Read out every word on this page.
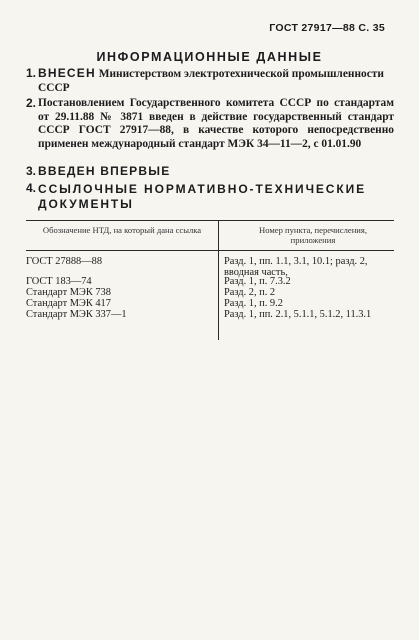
ГОСТ 27917—88 С. 35
ИНФОРМАЦИОННЫЕ ДАННЫЕ
1. ВНЕСЕН Министерством электротехнической промышленности СССР
2. Постановлением Государственного комитета СССР по стандартам от 29.11.88 № 3871 введен в действие государственный стандарт СССР ГОСТ 27917—88, в качестве которого непосредственно применен международный стандарт МЭК 34—11—2, с 01.01.90
3. ВВЕДЕН ВПЕРВЫЕ
4. ССЫЛОЧНЫЕ НОРМАТИВНО-ТЕХНИЧЕСКИЕ ДОКУМЕНТЫ
Обозначение НТД, на который дана ссылка	Номер пункта, перечисления, приложения
ГОСТ 27888—88	Разд. 1, пп. 1.1, 3.1, 10.1; разд. 2, вводная часть,
ГОСТ 183—74	Разд. 1, п. 7.3.2
Стандарт МЭК 738	Разд. 2, п. 2
Стандарт МЭК 417	Разд. 1, п. 9.2
Стандарт МЭК 337—1	Разд. 1, пп. 2.1, 5.1.1, 5.1.2, 11.3.1
